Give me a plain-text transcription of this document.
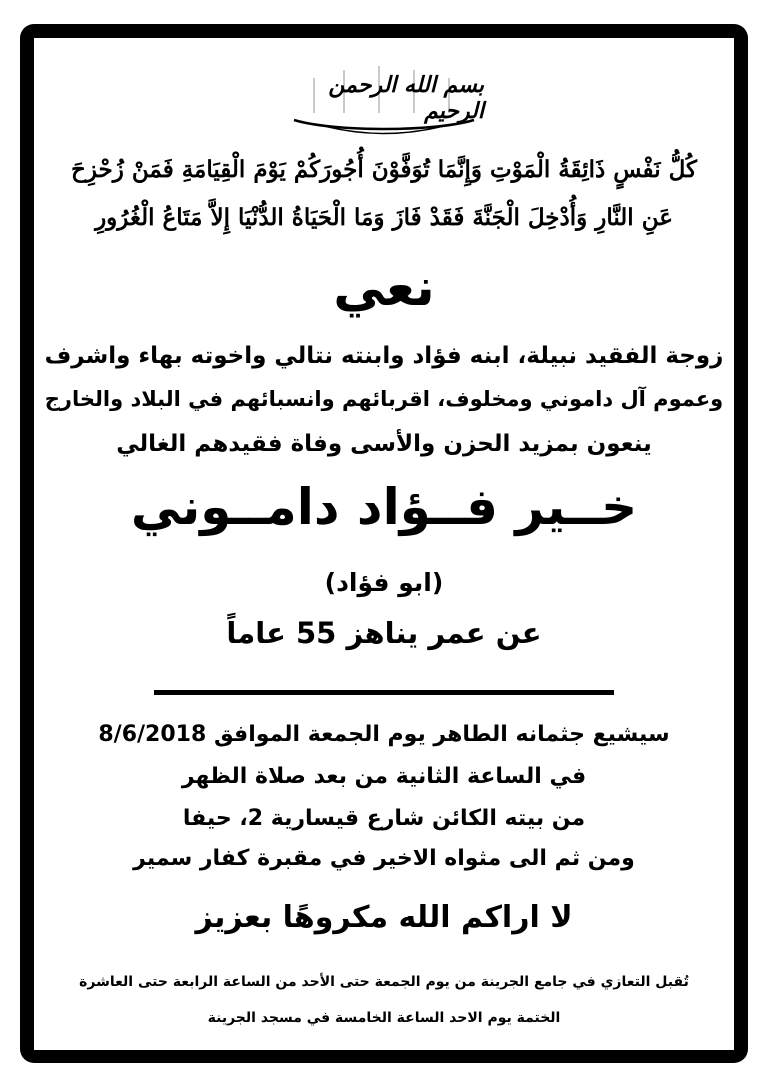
بسم الله الرحمن الرحيم
كُلُّ نَفْسٍ ذَائِقَةُ الْمَوْتِ وَإِنَّمَا تُوَفَّوْنَ أُجُورَكُمْ يَوْمَ الْقِيَامَةِ فَمَنْ زُحْزِحَ
عَنِ النَّارِ وَأُدْخِلَ الْجَنَّةَ فَقَدْ فَازَ وَمَا الْحَيَاةُ الدُّنْيَا إِلاَّ مَتَاعُ الْغُرُورِ
نعي
زوجة الفقيد نبيلة، ابنه فؤاد وابنته نتالي واخوته بهاء واشرف
وعموم آل داموني ومخلوف، اقربائهم وانسبائهم في البلاد والخارج
ينعون بمزيد الحزن والأسى وفاة فقيدهم الغالي
خــير فــؤاد دامــوني
(ابو فؤاد)
عن عمر يناهز 55 عاماً
سيشيع جثمانه الطاهر يوم الجمعة الموافق 8/6/2018
في الساعة الثانية من بعد صلاة الظهر
من بيته الكائن شارع قيسارية 2، حيفا
ومن ثم الى مثواه الاخير في مقبرة كفار سمير
لا اراكم الله مكروهًا بعزيز
تُقبل التعازي في جامع الجرينة من يوم الجمعة حتى الأحد من الساعة الرابعة حتى العاشرة
الختمة يوم الاحد الساعة الخامسة في مسجد الجرينة
